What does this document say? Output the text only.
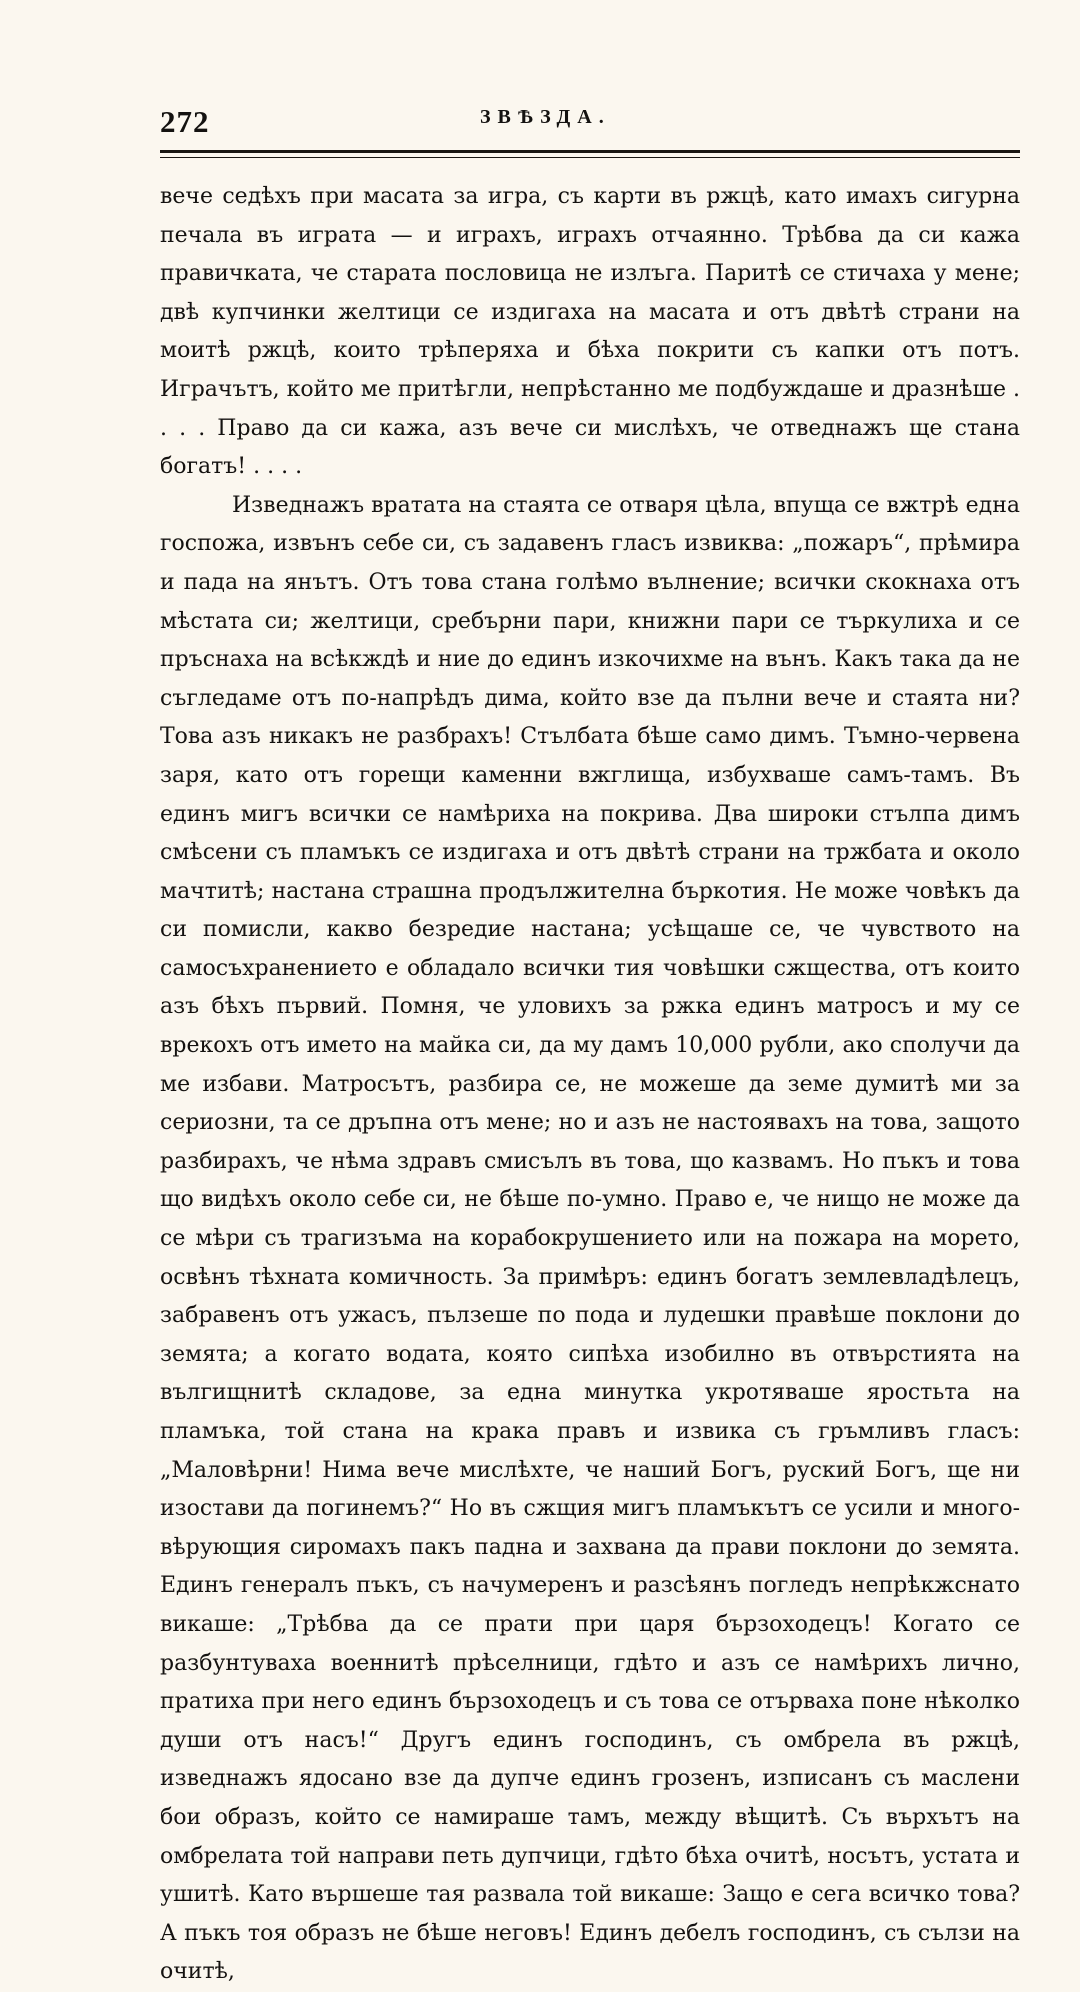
272	ЗВѢЗДА.

вече седѣхъ при масата за игра, съ карти въ ржцѣ, като имахъ сигурна печала въ играта — и играхъ, играхъ отчаянно. Трѣбва да си кажа правичката, че старата пословица не излъга. Паритѣ се стичаха у мене; двѣ купчинки желтици се издигаха на масата и отъ двѣтѣ страни на моитѣ ржцѣ, които трѣперяха и бѣха покрити съ капки отъ потъ. Играчътъ, който ме притѣгли, непрѣстанно ме подбуждаше и дразнѣше . . . . Право да си кажа, азъ вече си мислѣхъ, че отведнажъ ще стана богатъ! . . . .

Изведнажъ вратата на стаята се отваря цѣла, впуща се вжтрѣ една госпожа, извънъ себе си, съ задавенъ гласъ извиква: „пожаръ“, прѣмира и пада на янътъ. Отъ това стана голѣмо вълнение; всички скокнаха отъ мѣстата си; желтици, сребърни пари, книжни пари се търкулиха и се пръснаха на всѣкждѣ и ние до единъ изкочихме на вънъ. Какъ така да не съгледаме отъ по-напрѣдъ дима, който взе да пълни вече и стаята ни? Това азъ никакъ не разбрахъ! Стълбата бѣше само димъ. Тъмно-червена заря, като отъ горещи каменни вжглища, избухваше самъ-тамъ. Въ единъ мигъ всички се намѣриха на покрива. Два широки стълпа димъ смѣсени съ пламъкъ се издигаха и отъ двѣтѣ страни на тржбата и около мачтитѣ; настана страшна продължителна бъркотия. Не може човѣкъ да си помисли, какво безредие настана; усѣщаше се, че чувството на самосъхранението е обладало всички тия човѣшки сжщества, отъ които азъ бѣхъ първий. Помня, че уловихъ за ржка единъ матросъ и му се врекохъ отъ името на майка си, да му дамъ 10,000 рубли, ако сполучи да ме избави. Матросътъ, разбира се, не можеше да земе думитѣ ми за сериозни, та се дръпна отъ мене; но и азъ не настоявахъ на това, защото разбирахъ, че нѣма здравъ смисълъ въ това, що казвамъ. Но пъкъ и това що видѣхъ около себе си, не бѣше по-умно. Право е, че нищо не може да се мѣри съ трагизъма на корабокрушението или на пожара на морето, освѣнъ тѣхната комичность. За примѣръ: единъ богатъ землевладѣлецъ, забравенъ отъ ужасъ, пълзеше по пода и лудешки правѣше поклони до земята; а когато водата, която сипѣха изобилно въ отвърстията на вългищнитѣ складове, за една минутка укротяваше яростьта на пламъка, той стана на крака правъ и извика съ гръмливъ гласъ: „Маловѣрни! Нима вече мислѣхте, че наший Богъ, руский Богъ, ще ни изостави да погинемъ?“ Но въ сжщия мигъ пламъкътъ се усили и много-вѣрующия сиромахъ пакъ падна и захвана да прави поклони до земята. Единъ генералъ пъкъ, съ начумеренъ и разсѣянъ погледъ непрѣкжснато викаше: „Трѣбва да се прати при царя бързоходецъ! Когато се разбунтуваха военнитѣ прѣселници, гдѣто и азъ се намѣрихъ лично, пратиха при него единъ бързоходецъ и съ това се отърваха поне нѣколко души отъ насъ!“ Другъ единъ господинъ, съ омбрела въ ржцѣ, изведнажъ ядосано взе да дупче единъ грозенъ, изписанъ съ маслени бои образъ, който се намираше тамъ, между вѣщитѣ. Съ върхътъ на омбрелата той направи петь дупчици, гдѣто бѣха очитѣ, носътъ, устата и ушитѣ. Като вършеше тая развала той викаше: Защо е сега всичко това? А пъкъ тоя образъ не бѣше неговъ! Единъ дебелъ господинъ, съ сълзи на очитѣ,
